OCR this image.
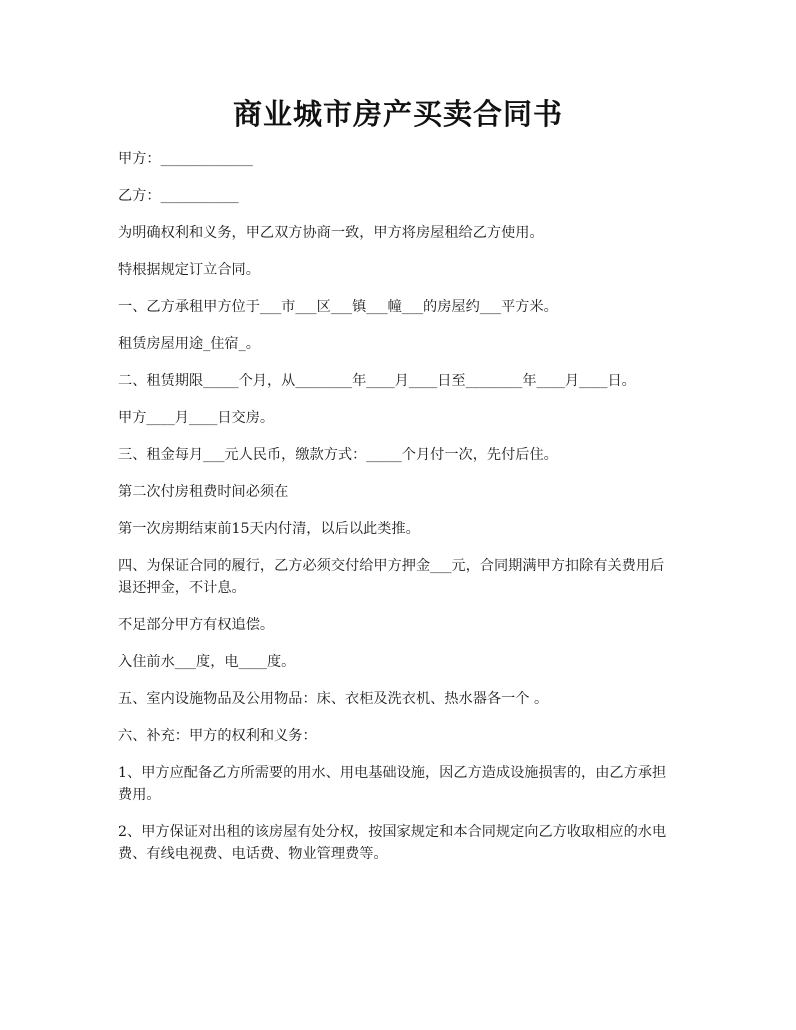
商业城市房产买卖合同书

甲方：_____________

乙方：___________

为明确权利和义务，甲乙双方协商一致，甲方将房屋租给乙方使用。

特根据规定订立合同。

一、乙方承租甲方位于___市___区___镇___幢___的房屋约___平方米。

租赁房屋用途_住宿_。

二、租赁期限_____个月，从________年____月____日至________年____月____日。

甲方____月____日交房。

三、租金每月___元人民币，缴款方式：_____个月付一次，先付后住。

第二次付房租费时间必须在

第一次房期结束前15天内付清，以后以此类推。

四、为保证合同的履行，乙方必须交付给甲方押金___元，合同期满甲方扣除有关费用后退还押金，不计息。

不足部分甲方有权追偿。

入住前水___度，电____度。

五、室内设施物品及公用物品：床、衣柜及洗衣机、热水器各一个 。

六、补充：甲方的权利和义务：

1、甲方应配备乙方所需要的用水、用电基础设施，因乙方造成设施损害的，由乙方承担费用。

2、甲方保证对出租的该房屋有处分权，按国家规定和本合同规定向乙方收取相应的水电费、有线电视费、电话费、物业管理费等。
